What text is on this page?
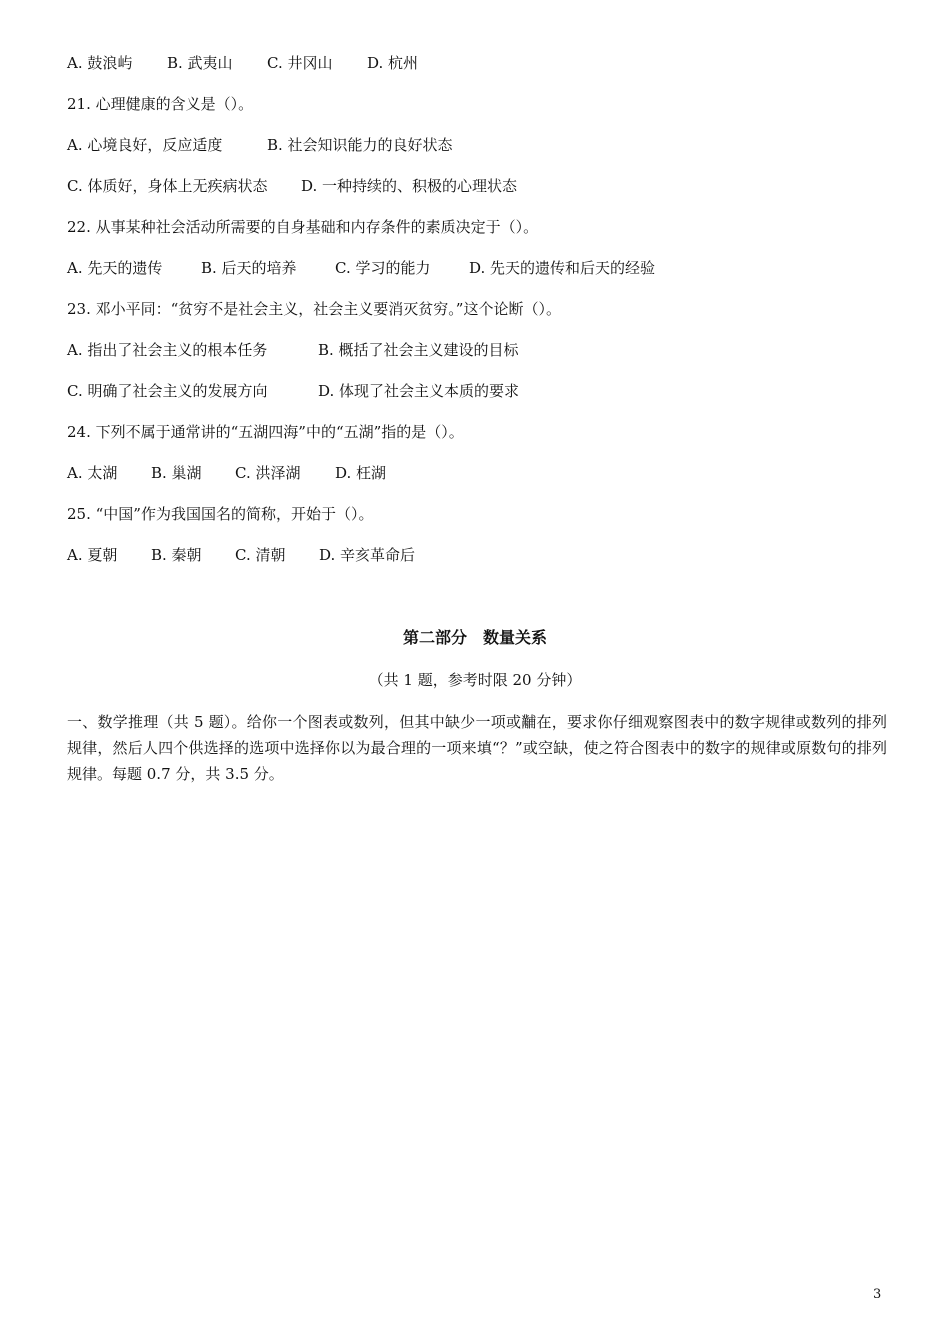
A. 鼓浪屿 B. 武夷山 C. 井冈山 D. 杭州
21. 心理健康的含义是（）。
A. 心境良好，反应适度	B. 社会知识能力的良好状态
C. 体质好，身体上无疾病状态 D. 一种持续的、积极的心理状态
22. 从事某种社会活动所需要的自身基础和内存条件的素质决定于（）。
A. 先天的遗传	B. 后天的培养	C. 学习的能力	D. 先天的遗传和后天的经验
23. 邓小平同：“贫穷不是社会主义，社会主义要消灭贫穷。”这个论断（）。
A. 指出了社会主义的根本任务	B. 概括了社会主义建设的目标
C. 明确了社会主义的发展方向	D. 体现了社会主义本质的要求
24. 下列不属于通常讲的“五湖四海”中的“五湖”指的是（）。
A. 太湖 B. 巢湖 C. 洪泽湖 D. 枉湖
25. “中国”作为我国国名的简称，开始于（）。
A. 夏朝 B. 秦朝 C. 清朝 D. 辛亥革命后
第二部分　数量关系
（共 1 题，参考时限 20 分钟）
一、数学推理（共 5 题）。给你一个图表或数列，但其中缺少一项或黼在，要求你仔细观察图表中的数字规律或数列的排列规律，然后人四个供选择的选项中选择你以为最合理的一项来填“？”或空缺，使之符合图表中的数字的规律或原数句的排列规律。每题 0.7 分，共 3.5 分。
3
